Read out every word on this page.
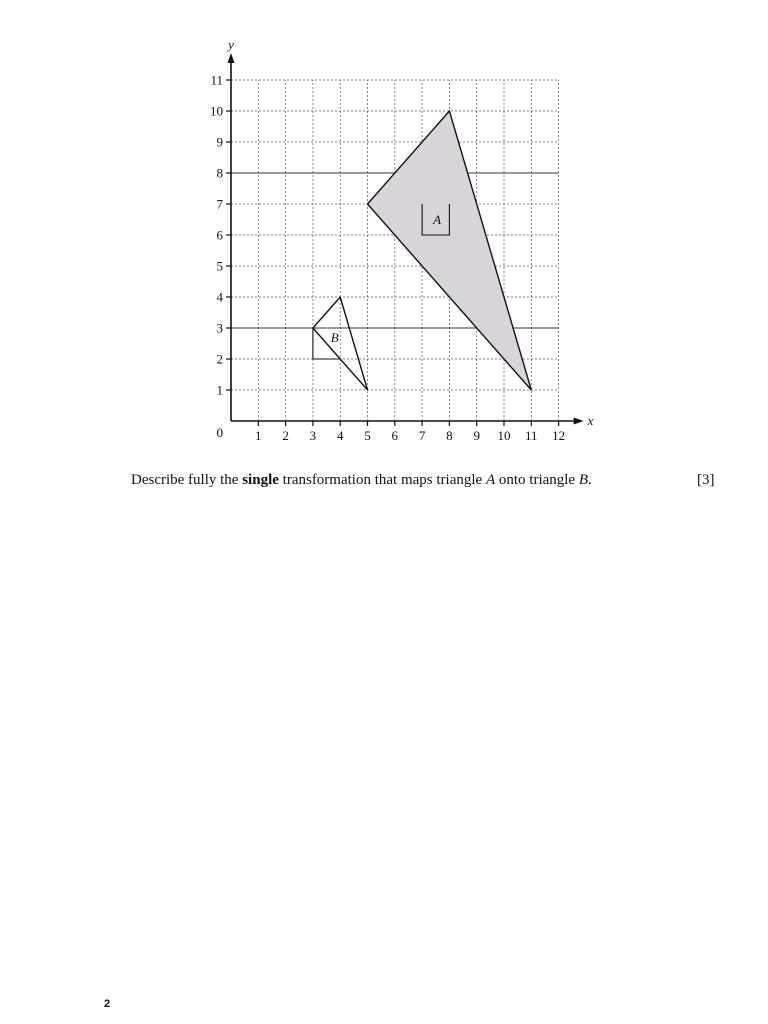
A
B
1 2 3 4 5 6 7 8 9 10 11 12
1
2
3
4
5
6
7
8
9
10
11
0
x
y
Describe fully the single transformation that maps triangle A onto triangle B.	[3]
2
